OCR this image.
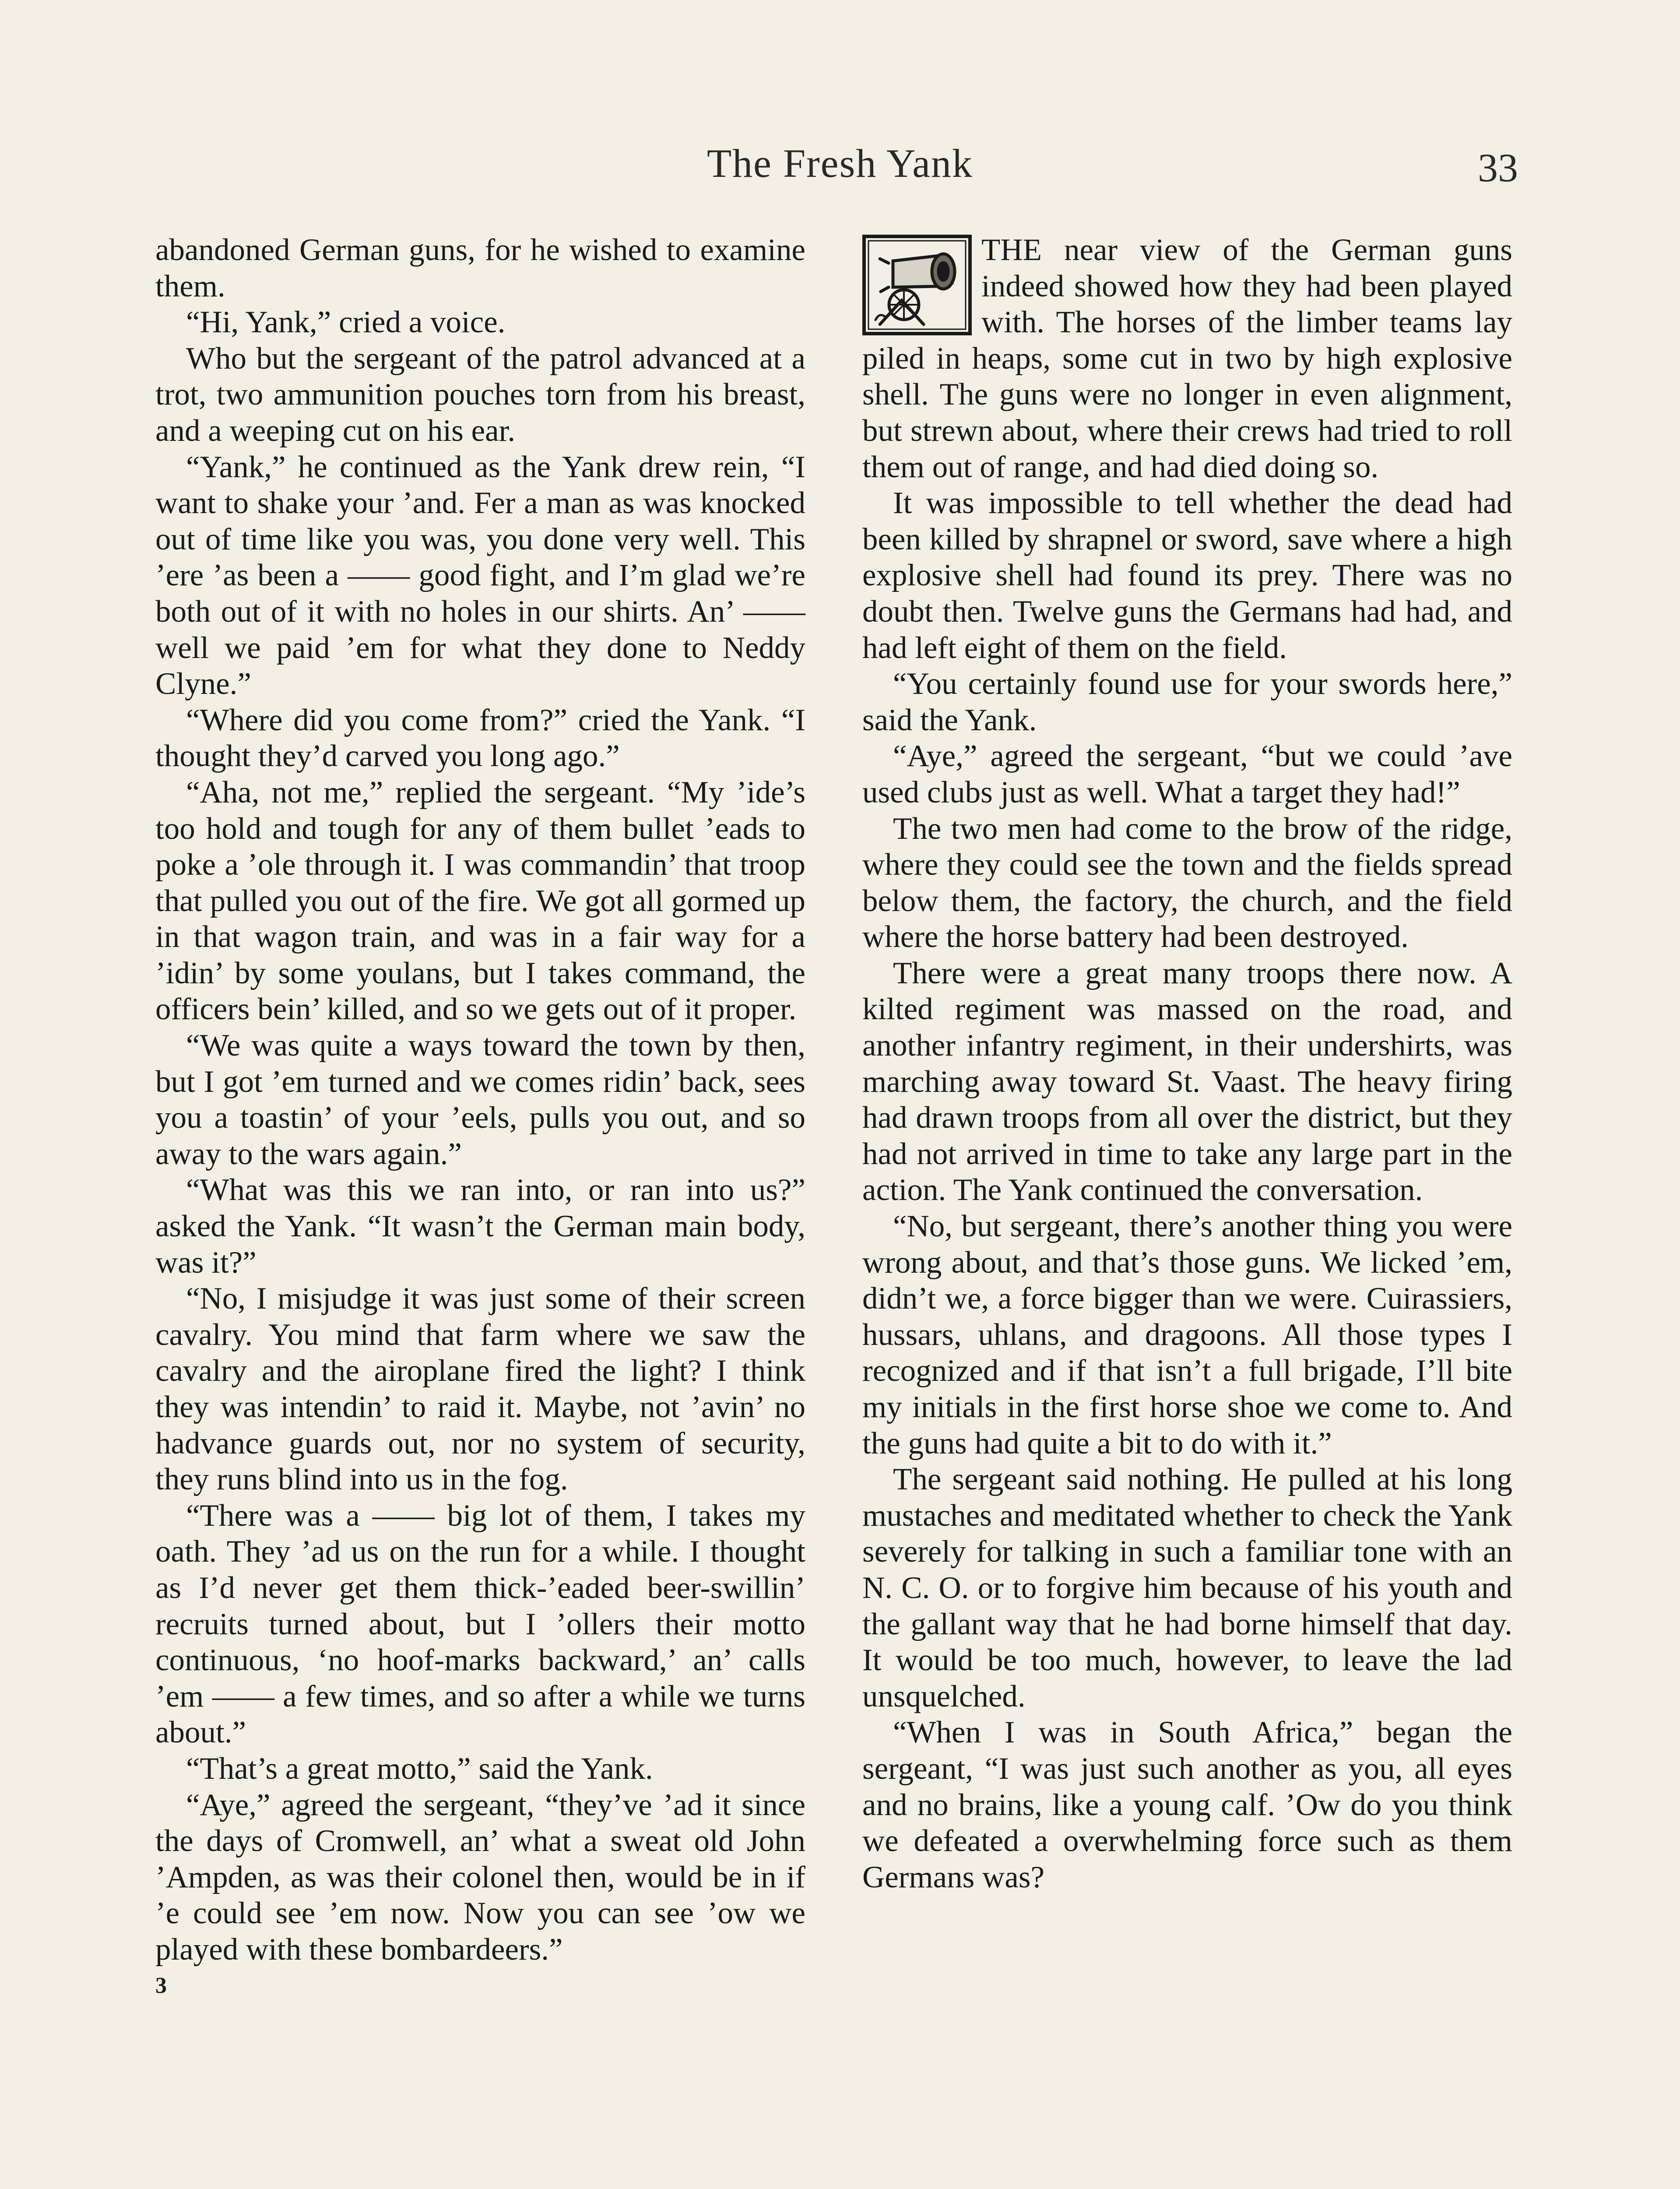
The Fresh Yank	33

abandoned German guns, for he wished to examine them.

“Hi, Yank,” cried a voice.

Who but the sergeant of the patrol advanced at a trot, two ammunition pouches torn from his breast, and a weeping cut on his ear.

“Yank,” he continued as the Yank drew rein, “I want to shake your ’and. Fer a man as was knocked out of time like you was, you done very well. This ’ere ’as been a —— good fight, and I’m glad we’re both out of it with no holes in our shirts. An’ —— well we paid ’em for what they done to Neddy Clyne.”

“Where did you come from?” cried the Yank. “I thought they’d carved you long ago.”

“Aha, not me,” replied the sergeant. “My ’ide’s too hold and tough for any of them bullet ’eads to poke a ’ole through it. I was commandin’ that troop that pulled you out of the fire. We got all gormed up in that wagon train, and was in a fair way for a ’idin’ by some youlans, but I takes command, the officers bein’ killed, and so we gets out of it proper.

“We was quite a ways toward the town by then, but I got ’em turned and we comes ridin’ back, sees you a toastin’ of your ’eels, pulls you out, and so away to the wars again.”

“What was this we ran into, or ran into us?” asked the Yank. “It wasn’t the German main body, was it?”

“No, I misjudge it was just some of their screen cavalry. You mind that farm where we saw the cavalry and the airoplane fired the light? I think they was intendin’ to raid it. Maybe, not ’avin’ no hadvance guards out, nor no system of security, they runs blind into us in the fog.

“There was a —— big lot of them, I takes my oath. They ’ad us on the run for a while. I thought as I’d never get them thick-’eaded beer-swillin’ recruits turned about, but I ’ollers their motto continuous, ‘no hoof-marks backward,’ an’ calls ’em —— a few times, and so after a while we turns about.”

“That’s a great motto,” said the Yank.

“Aye,” agreed the sergeant, “they’ve ’ad it since the days of Cromwell, an’ what a sweat old John ’Ampden, as was their colonel then, would be in if ’e could see ’em now. Now you can see ’ow we played with these bombardeers.”

3

THE near view of the German guns indeed showed how they had been played with. The horses of the limber teams lay piled in heaps, some cut in two by high explosive shell. The guns were no longer in even alignment, but strewn about, where their crews had tried to roll them out of range, and had died doing so.

It was impossible to tell whether the dead had been killed by shrapnel or sword, save where a high explosive shell had found its prey. There was no doubt then. Twelve guns the Germans had had, and had left eight of them on the field.

“You certainly found use for your swords here,” said the Yank.

“Aye,” agreed the sergeant, “but we could ’ave used clubs just as well. What a target they had!”

The two men had come to the brow of the ridge, where they could see the town and the fields spread below them, the factory, the church, and the field where the horse battery had been destroyed.

There were a great many troops there now. A kilted regiment was massed on the road, and another infantry regiment, in their undershirts, was marching away toward St. Vaast. The heavy firing had drawn troops from all over the district, but they had not arrived in time to take any large part in the action. The Yank continued the conversation.

“No, but sergeant, there’s another thing you were wrong about, and that’s those guns. We licked ’em, didn’t we, a force bigger than we were. Cuirassiers, hussars, uhlans, and dragoons. All those types I recognized and if that isn’t a full brigade, I’ll bite my initials in the first horse shoe we come to. And the guns had quite a bit to do with it.”

The sergeant said nothing. He pulled at his long mustaches and meditated whether to check the Yank severely for talking in such a familiar tone with an N. C. O. or to forgive him because of his youth and the gallant way that he had borne himself that day. It would be too much, however, to leave the lad unsquelched.

“When I was in South Africa,” began the sergeant, “I was just such another as you, all eyes and no brains, like a young calf. ’Ow do you think we defeated a overwhelming force such as them Germans was?
